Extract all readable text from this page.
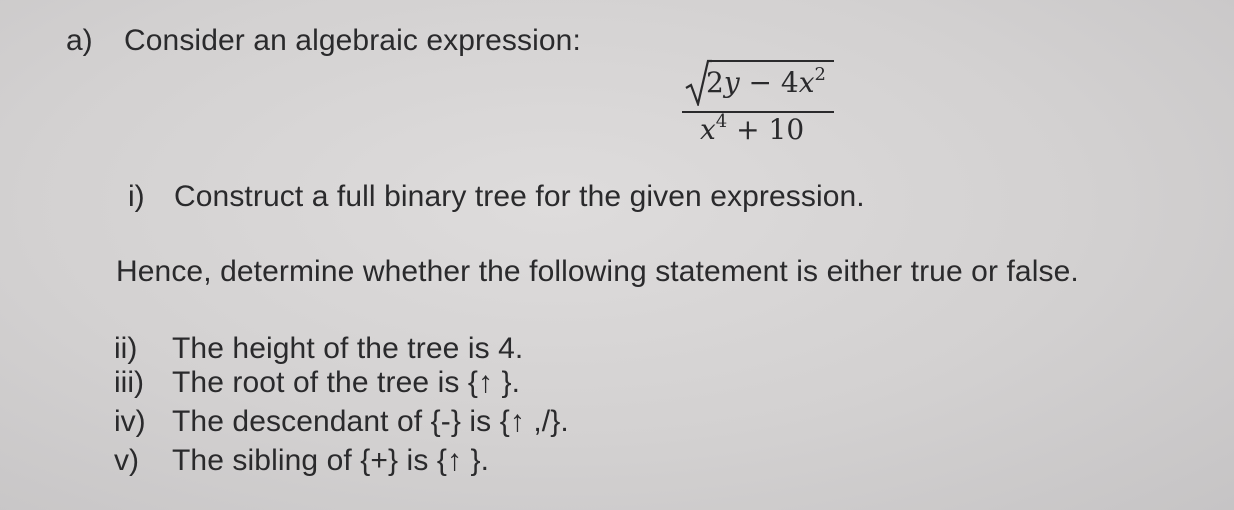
a) Consider an algebraic expression:
$2y - 4x^2$
$x^4 + 10$
i) Construct a full binary tree for the given expression.
Hence, determine whether the following statement is either true or false.
ii) The height of the tree is 4.
iii) The root of the tree is {↑ }.
iv) The descendant of {-} is {↑ ,/}.
v) The sibling of {+} is {↑ }.
